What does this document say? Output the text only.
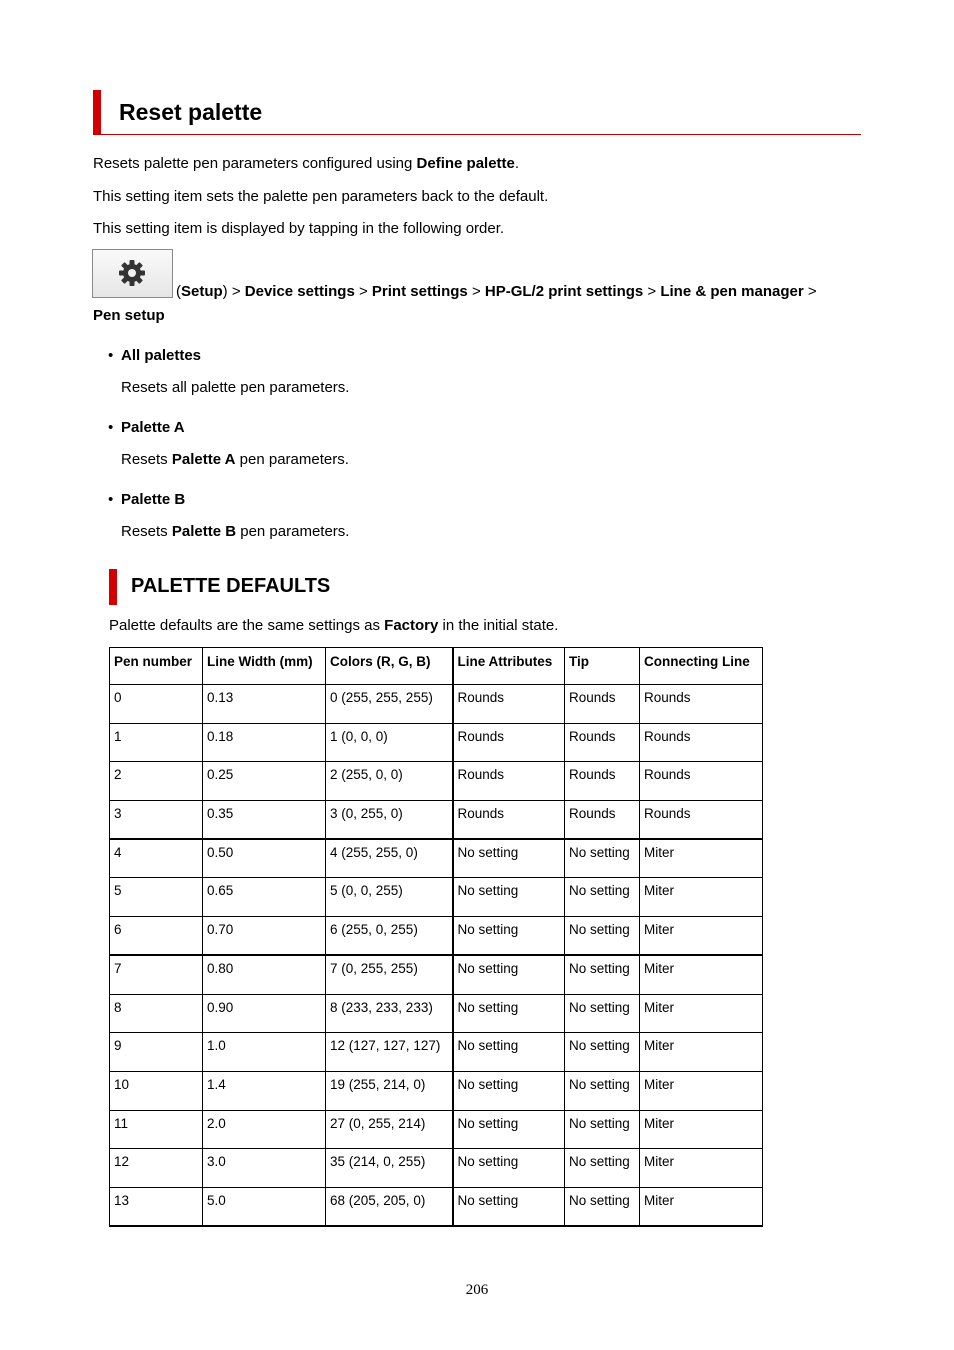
Reset palette
Resets palette pen parameters configured using Define palette.
This setting item sets the palette pen parameters back to the default.
This setting item is displayed by tapping in the following order.
(Setup) > Device settings > Print settings > HP-GL/2 print settings > Line & pen manager >
Pen setup
• All palettes
Resets all palette pen parameters.
• Palette A
Resets Palette A pen parameters.
• Palette B
Resets Palette B pen parameters.
PALETTE DEFAULTS
Palette defaults are the same settings as Factory in the initial state.
Pen number	Line Width (mm)	Colors (R, G, B)	Line Attributes	Tip	Connecting Line
0	0.13	0 (255, 255, 255)	Rounds	Rounds	Rounds
1	0.18	1 (0, 0, 0)	Rounds	Rounds	Rounds
2	0.25	2 (255, 0, 0)	Rounds	Rounds	Rounds
3	0.35	3 (0, 255, 0)	Rounds	Rounds	Rounds
4	0.50	4 (255, 255, 0)	No setting	No setting	Miter
5	0.65	5 (0, 0, 255)	No setting	No setting	Miter
6	0.70	6 (255, 0, 255)	No setting	No setting	Miter
7	0.80	7 (0, 255, 255)	No setting	No setting	Miter
8	0.90	8 (233, 233, 233)	No setting	No setting	Miter
9	1.0	12 (127, 127, 127)	No setting	No setting	Miter
10	1.4	19 (255, 214, 0)	No setting	No setting	Miter
11	2.0	27 (0, 255, 214)	No setting	No setting	Miter
12	3.0	35 (214, 0, 255)	No setting	No setting	Miter
13	5.0	68 (205, 205, 0)	No setting	No setting	Miter
206
